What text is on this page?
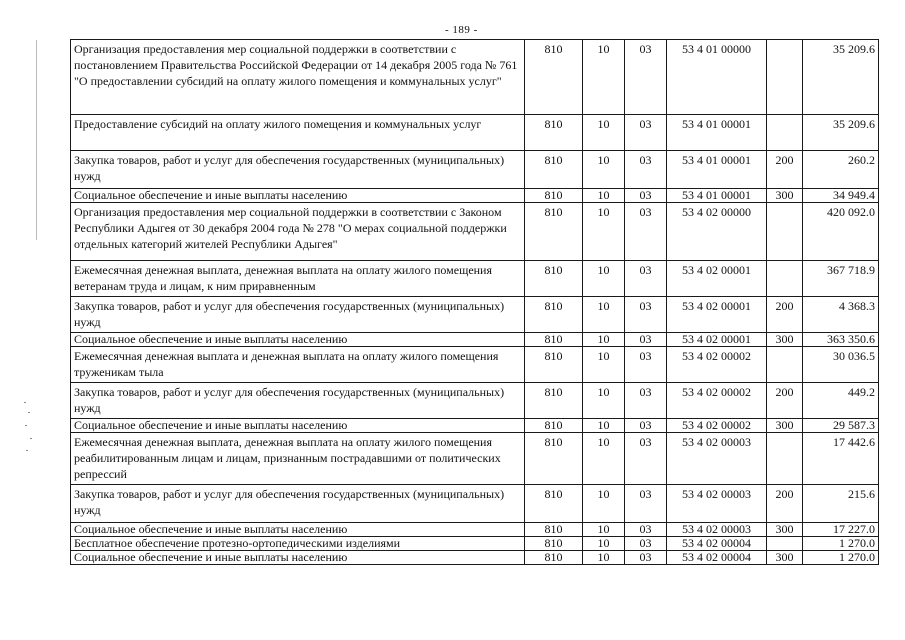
- 189 -
Организация предоставления мер социальной поддержки в соответствии с постановлением Правительства Российской Федерации от 14 декабря 2005 года № 761 "О предоставлении субсидий на оплату жилого помещения и коммунальных услуг"	810	10	03	53 4 01 00000		35 209.6
Предоставление субсидий на оплату жилого помещения и коммунальных услуг	810	10	03	53 4 01 00001		35 209.6
Закупка товаров, работ и услуг для обеспечения государственных (муниципальных) нужд	810	10	03	53 4 01 00001	200	260.2
Социальное обеспечение и иные выплаты населению	810	10	03	53 4 01 00001	300	34 949.4
Организация предоставления мер социальной поддержки в соответствии с Законом Республики Адыгея от 30 декабря 2004 года № 278 "О мерах социальной поддержки отдельных категорий жителей Республики Адыгея"	810	10	03	53 4 02 00000		420 092.0
Ежемесячная денежная выплата, денежная выплата на оплату жилого помещения ветеранам труда и лицам, к ним приравненным	810	10	03	53 4 02 00001		367 718.9
Закупка товаров, работ и услуг для обеспечения государственных (муниципальных) нужд	810	10	03	53 4 02 00001	200	4 368.3
Социальное обеспечение и иные выплаты населению	810	10	03	53 4 02 00001	300	363 350.6
Ежемесячная денежная выплата и денежная выплата на оплату жилого помещения труженикам тыла	810	10	03	53 4 02 00002		30 036.5
Закупка товаров, работ и услуг для обеспечения государственных (муниципальных) нужд	810	10	03	53 4 02 00002	200	449.2
Социальное обеспечение и иные выплаты населению	810	10	03	53 4 02 00002	300	29 587.3
Ежемесячная денежная выплата, денежная выплата на оплату жилого помещения реабилитированным лицам и лицам, признанным пострадавшими от политических репрессий	810	10	03	53 4 02 00003		17 442.6
Закупка товаров, работ и услуг для обеспечения государственных (муниципальных) нужд	810	10	03	53 4 02 00003	200	215.6
Социальное обеспечение и иные выплаты населению	810	10	03	53 4 02 00003	300	17 227.0
Бесплатное обеспечение протезно-ортопедическими изделиями	810	10	03	53 4 02 00004		1 270.0
Социальное обеспечение и иные выплаты населению	810	10	03	53 4 02 00004	300	1 270.0
